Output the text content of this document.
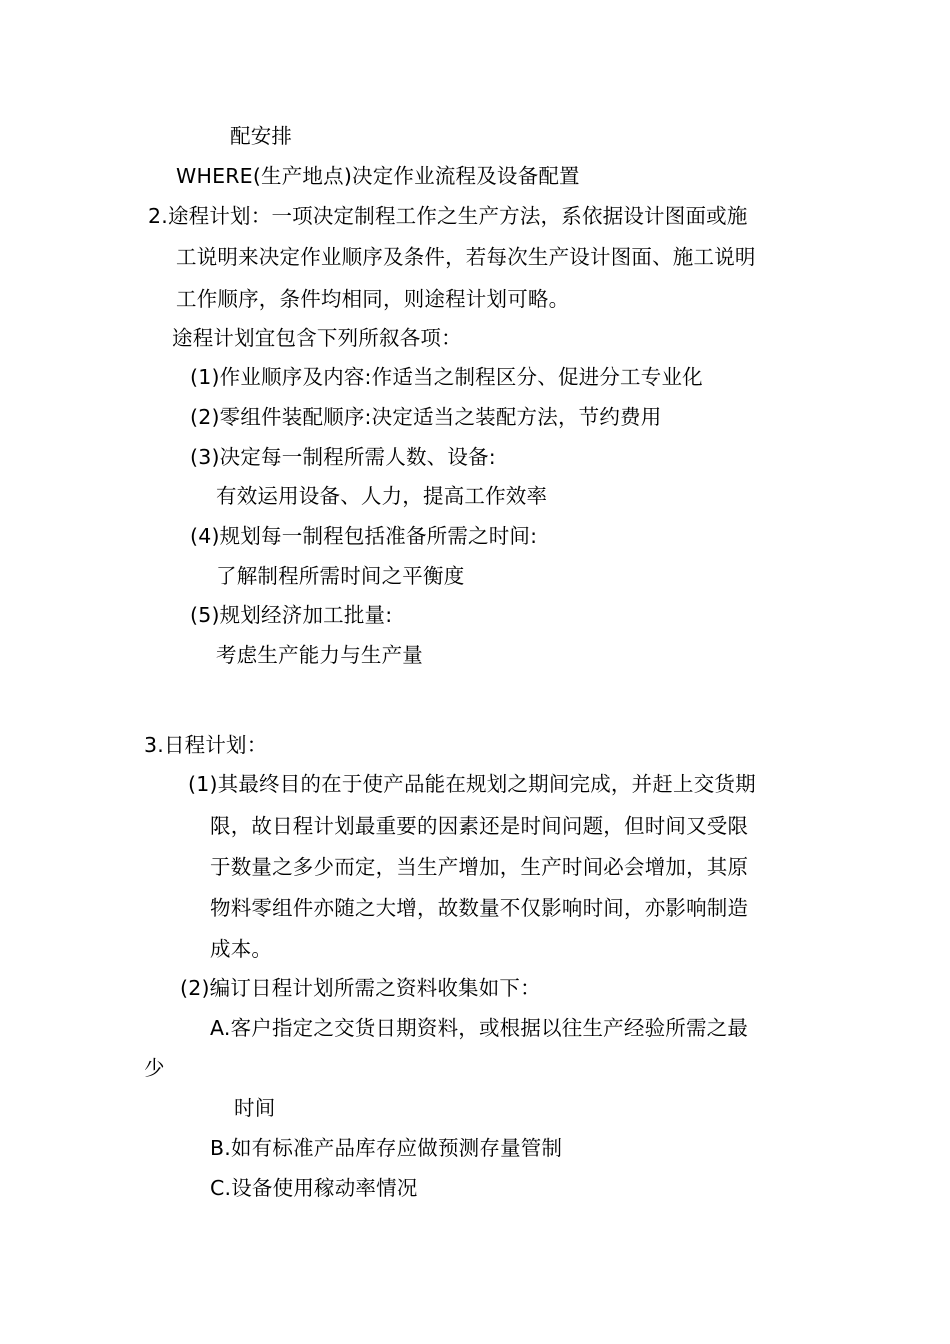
配安排
WHERE(生产地点)决定作业流程及设备配置
2.途程计划：一项决定制程工作之生产方法，系依据设计图面或施
工说明来决定作业顺序及条件，若每次生产设计图面、施工说明
工作顺序，条件均相同，则途程计划可略。
途程计划宜包含下列所叙各项：
(1)作业顺序及内容:作适当之制程区分、促进分工专业化
(2)零组件装配顺序:决定适当之装配方法，节约费用
(3)决定每一制程所需人数、设备:
有效运用设备、人力，提高工作效率
(4)规划每一制程包括准备所需之时间:
了解制程所需时间之平衡度
(5)规划经济加工批量:
考虑生产能力与生产量
3.日程计划：
(1)其最终目的在于使产品能在规划之期间完成，并赶上交货期
限，故日程计划最重要的因素还是时间问题，但时间又受限
于数量之多少而定，当生产增加，生产时间必会增加，其原
物料零组件亦随之大增，故数量不仅影响时间，亦影响制造
成本。
(2)编订日程计划所需之资料收集如下：
A.客户指定之交货日期资料，或根据以往生产经验所需之最
少
时间
B.如有标准产品库存应做预测存量管制
C.设备使用稼动率情况
